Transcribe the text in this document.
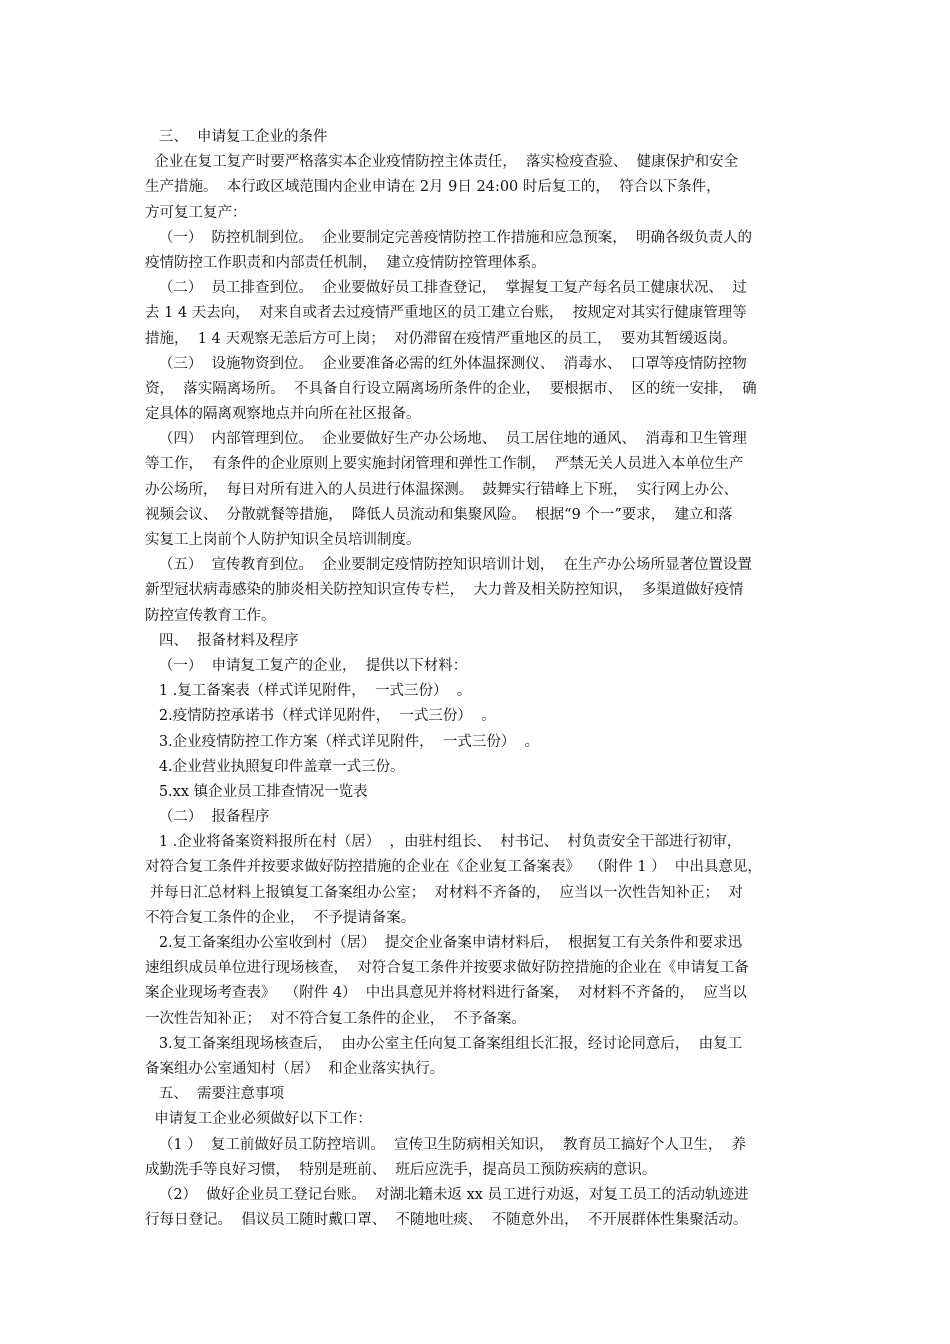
三、  申请复工企业的条件
企业在复工复产时要严格落实本企业疫情防控主体责任，  落实检疫查验、  健康保护和安全
生产措施。  本行政区域范围内企业申请在 2月 9日 24:00 时后复工的，  符合以下条件，
方可复工复产：
（一）  防控机制到位。  企业要制定完善疫情防控工作措施和应急预案，  明确各级负责人的
疫情防控工作职责和内部责任机制，  建立疫情防控管理体系。
（二）  员工排查到位。  企业要做好员工排查登记，  掌握复工复产每名员工健康状况、  过
去 1 4 天去向，  对来自或者去过疫情严重地区的员工建立台账，  按规定对其实行健康管理等
措施，  1 4 天观察无恙后方可上岗；  对仍滞留在疫情严重地区的员工，  要劝其暂缓返岗。
（三）  设施物资到位。  企业要准备必需的红外体温探测仪、  消毒水、  口罩等疫情防控物
资，  落实隔离场所。  不具备自行设立隔离场所条件的企业，  要根据市、  区的统一安排，  确
定具体的隔离观察地点并向所在社区报备。
（四）  内部管理到位。  企业要做好生产办公场地、  员工居住地的通风、  消毒和卫生管理
等工作，  有条件的企业原则上要实施封闭管理和弹性工作制，  严禁无关人员进入本单位生产
办公场所，  每日对所有进入的人员进行体温探测。  鼓舞实行错峰上下班，  实行网上办公、
视频会议、  分散就餐等措施，  降低人员流动和集聚风险。  根据“9 个一”要求，  建立和落
实复工上岗前个人防护知识全员培训制度。
（五）  宣传教育到位。  企业要制定疫情防控知识培训计划，  在生产办公场所显著位置设置
新型冠状病毒感染的肺炎相关防控知识宣传专栏，  大力普及相关防控知识，  多渠道做好疫情
防控宣传教育工作。
四、  报备材料及程序
（一）  申请复工复产的企业，  提供以下材料：
1 .复工备案表（样式详见附件，  一式三份）  。
2.疫情防控承诺书（样式详见附件，  一式三份）  。
3.企业疫情防控工作方案（样式详见附件，  一式三份）  。
4.企业营业执照复印件盖章一式三份。
5.xx 镇企业员工排查情况一览表
（二）  报备程序
1 .企业将备案资料报所在村（居）  ，由驻村组长、  村书记、  村负责安全干部进行初审，
对符合复工条件并按要求做好防控措施的企业在《企业复工备案表》  （附件 1 ）  中出具意见，
并每日汇总材料上报镇复工备案组办公室；  对材料不齐备的，  应当以一次性告知补正；  对
不符合复工条件的企业，  不予提请备案。
2.复工备案组办公室收到村（居）  提交企业备案申请材料后，  根据复工有关条件和要求迅
速组织成员单位进行现场核查，  对符合复工条件并按要求做好防控措施的企业在《申请复工备
案企业现场考查表》  （附件 4）  中出具意见并将材料进行备案，  对材料不齐备的，  应当以
一次性告知补正；  对不符合复工条件的企业，  不予备案。
3.复工备案组现场核查后，  由办公室主任向复工备案组组长汇报，经讨论同意后，  由复工
备案组办公室通知村（居）  和企业落实执行。
五、  需要注意事项
申请复工企业必须做好以下工作：
（1 ）  复工前做好员工防控培训。  宣传卫生防病相关知识，  教育员工搞好个人卫生，  养
成勤洗手等良好习惯，  特别是班前、  班后应洗手，提高员工预防疾病的意识。
（2）  做好企业员工登记台账。  对湖北籍未返 xx 员工进行劝返，对复工员工的活动轨迹进
行每日登记。  倡议员工随时戴口罩、  不随地吐痰、  不随意外出，  不开展群体性集聚活动。
